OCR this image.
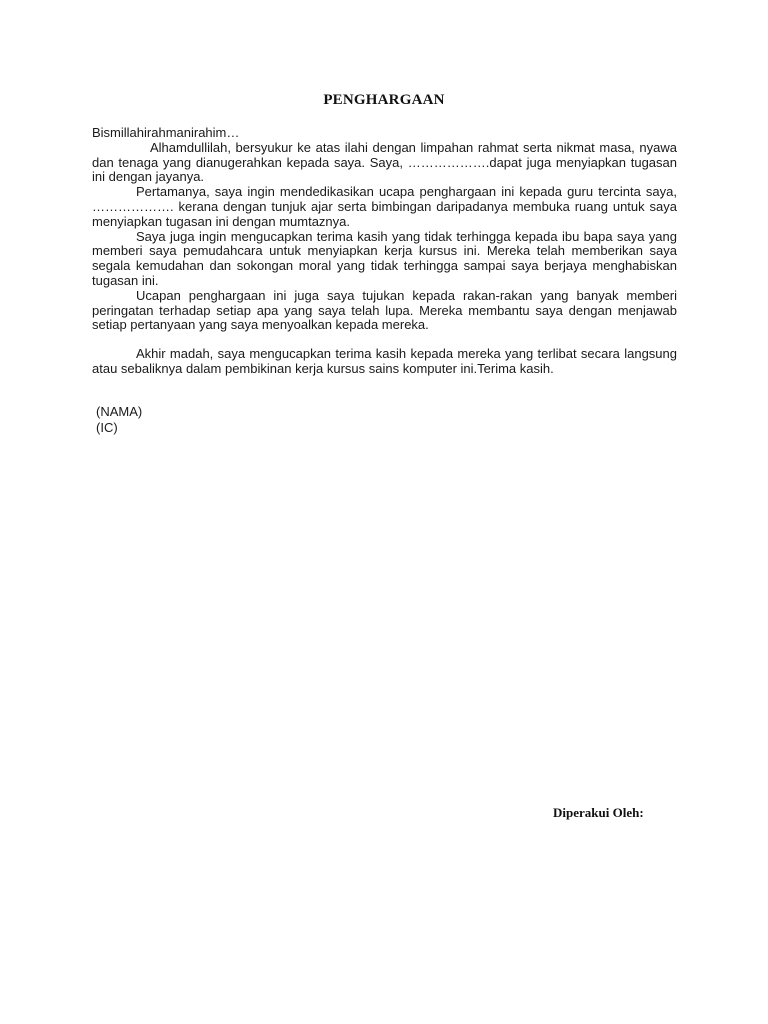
PENGHARGAAN

Bismillahirahmanirahim…

Alhamdullilah, bersyukur ke atas ilahi dengan limpahan rahmat serta nikmat masa, nyawa dan tenaga yang dianugerahkan kepada saya. Saya, ……………….dapat juga menyiapkan tugasan ini dengan jayanya.

Pertamanya, saya ingin mendedikasikan ucapa penghargaan ini kepada guru tercinta saya, ………………. kerana dengan tunjuk ajar serta bimbingan daripadanya membuka ruang untuk saya menyiapkan tugasan ini dengan mumtaznya.

Saya juga ingin mengucapkan terima kasih yang tidak terhingga kepada ibu bapa saya yang memberi saya pemudahcara untuk menyiapkan kerja kursus ini. Mereka telah memberikan saya segala kemudahan dan sokongan moral yang tidak terhingga sampai saya berjaya menghabiskan tugasan ini.

Ucapan penghargaan ini juga saya tujukan kepada rakan-rakan yang banyak memberi peringatan terhadap setiap apa yang saya telah lupa. Mereka membantu saya dengan menjawab setiap pertanyaan yang saya menyoalkan kepada mereka.

Akhir madah, saya mengucapkan terima kasih kepada mereka yang terlibat secara langsung atau sebaliknya dalam pembikinan kerja kursus sains komputer ini.Terima kasih.

(NAMA)
(IC)
Diperakui Oleh:
